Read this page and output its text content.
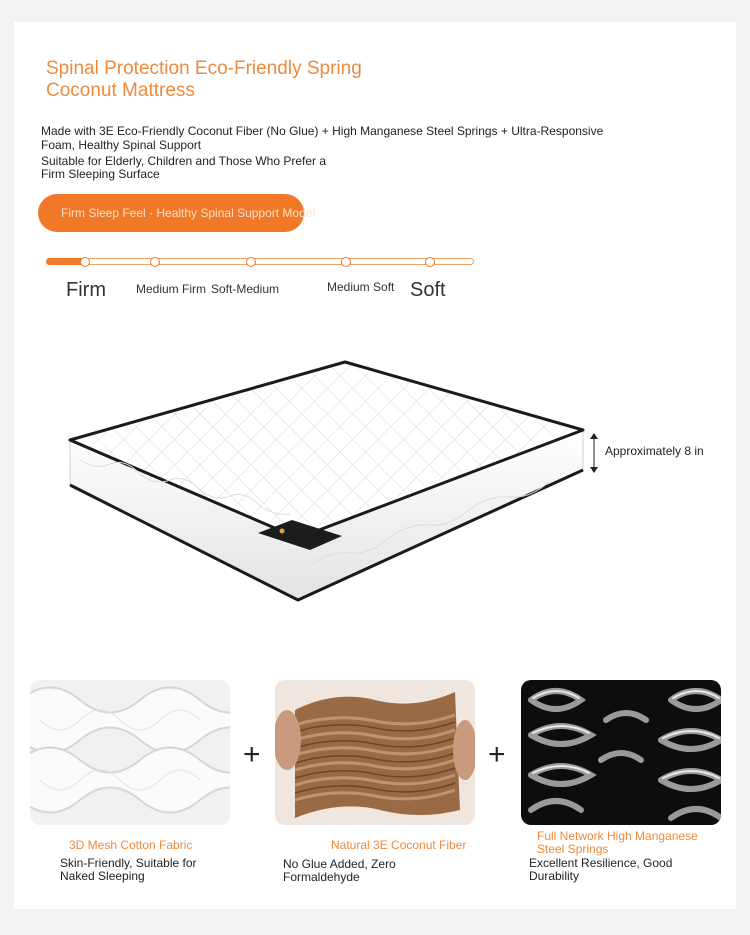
Spinal Protection Eco-Friendly Spring
Coconut Mattress
Made with 3E Eco-Friendly Coconut Fiber (No Glue) + High Manganese Steel Springs + Ultra-Responsive
Foam, Healthy Spinal Support
Suitable for Elderly, Children and Those Who Prefer a
Firm Sleeping Surface
Firm Sleep Feel · Healthy Spinal Support Model
Firm	Medium Firm Soft-Medium	Medium Soft Soft
Approximately 8 in
+	+
3D Mesh Cotton Fabric
Skin-Friendly, Suitable for
Naked Sleeping
Natural 3E Coconut Fiber
No Glue Added, Zero
Formaldehyde
Full Network High Manganese
Steel Springs
Excellent Resilience, Good
Durability
